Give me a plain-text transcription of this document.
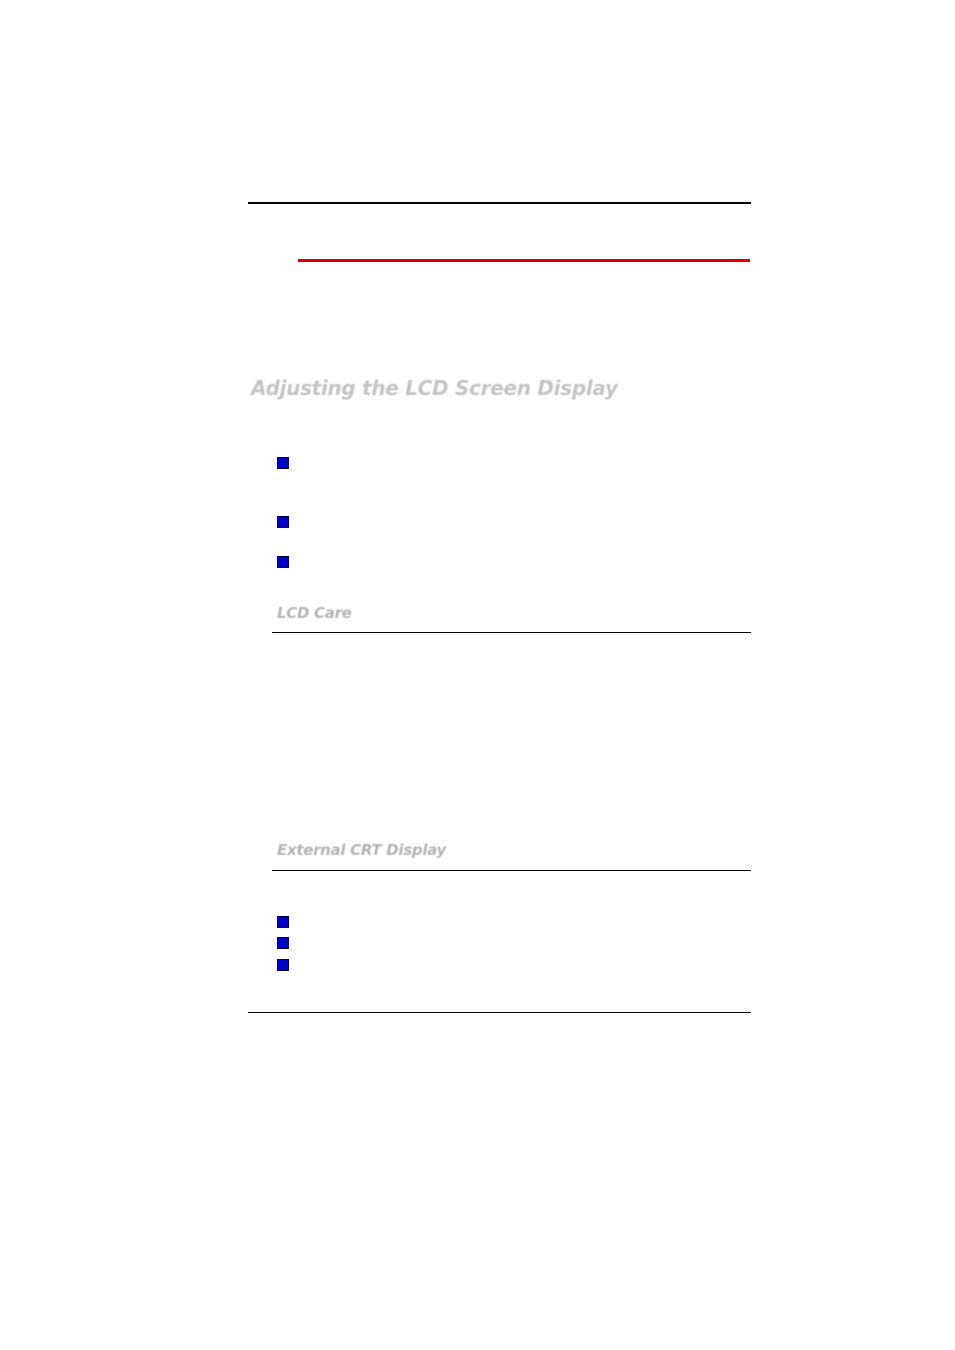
Adjusting the LCD Screen Display
LCD Care
External CRT Display
